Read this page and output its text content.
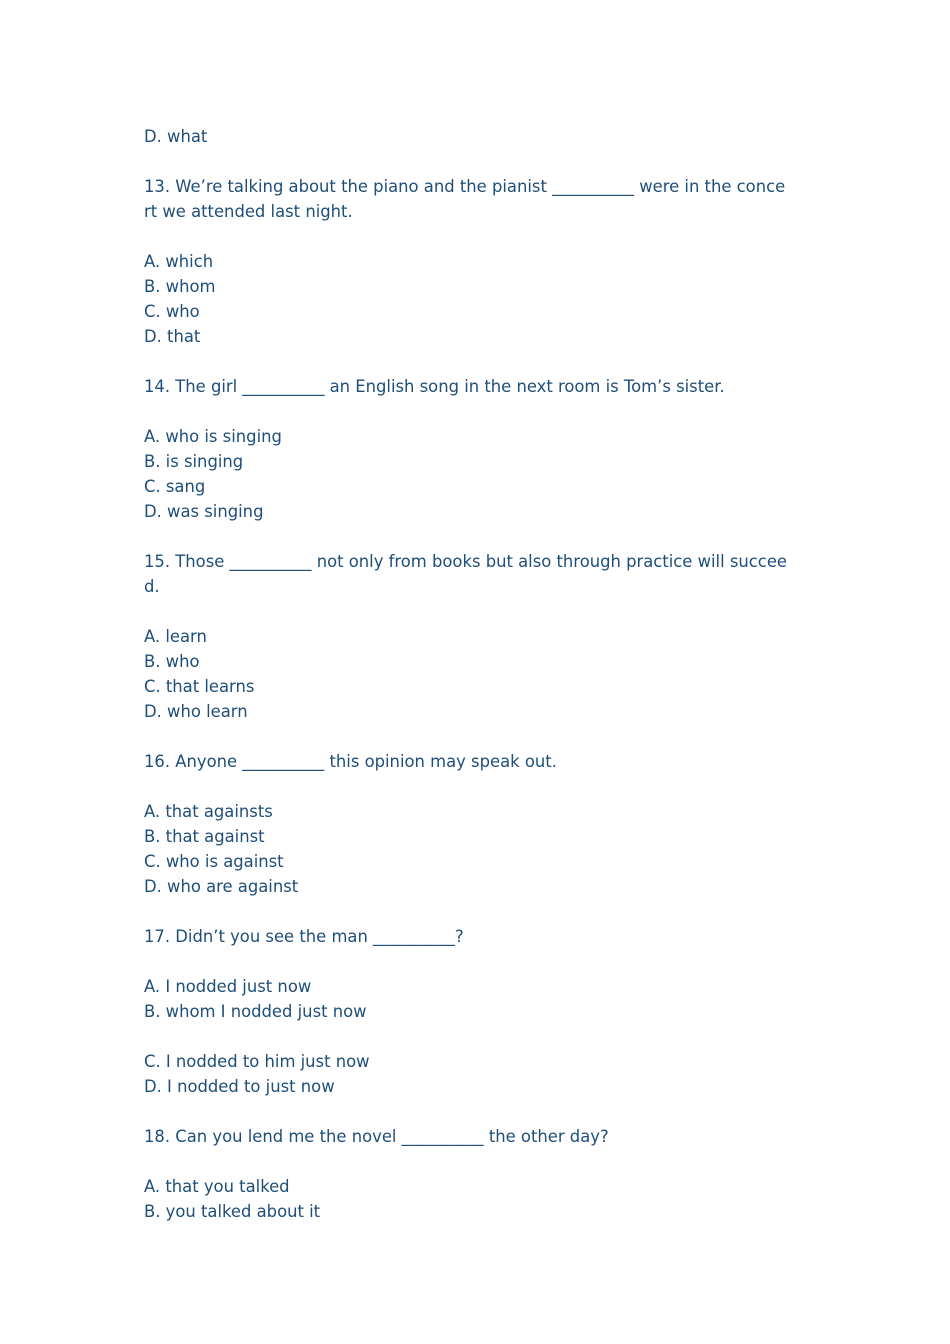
D. what
13. We’re talking about the piano and the pianist __________ were in the conce
rt we attended last night.
A. which
B. whom
C. who
D. that
14. The girl __________ an English song in the next room is Tom’s sister.
A. who is singing
B. is singing
C. sang
D. was singing
15. Those __________ not only from books but also through practice will succee
d.
A. learn
B. who
C. that learns
D. who learn
16. Anyone __________ this opinion may speak out.
A. that againsts
B. that against
C. who is against
D. who are against
17. Didn’t you see the man __________?
A. I nodded just now
B. whom I nodded just now
C. I nodded to him just now
D. I nodded to just now
18. Can you lend me the novel __________ the other day?
A. that you talked
B. you talked about it
